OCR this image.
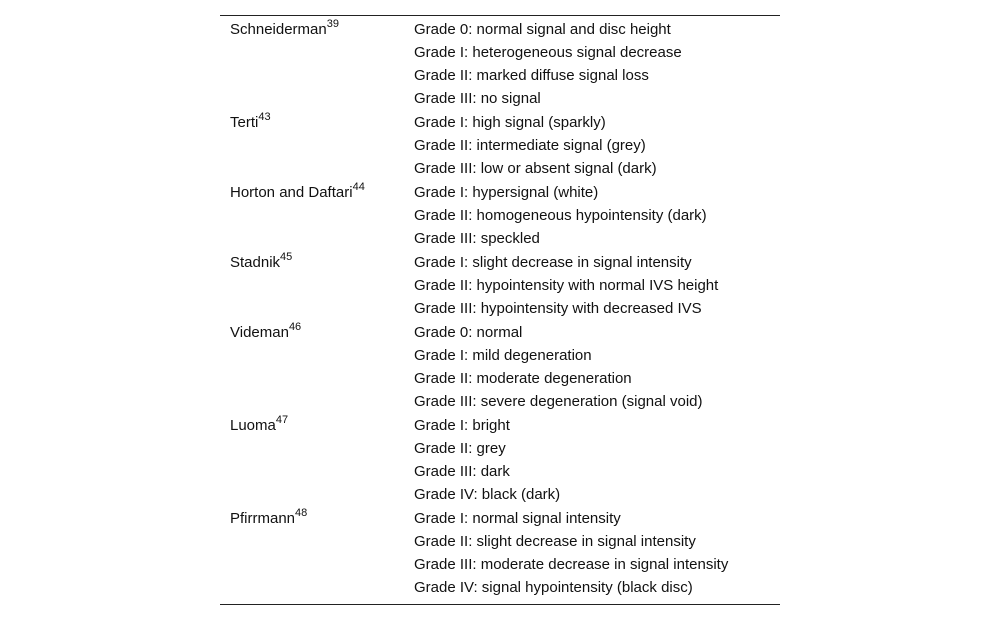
Schneiderman$^{39}$	Grade 0: normal signal and disc height
Grade I: heterogeneous signal decrease
Grade II: marked diffuse signal loss
Grade III: no signal
Terti$^{43}$	Grade I: high signal (sparkly)
Grade II: intermediate signal (grey)
Grade III: low or absent signal (dark)
Horton and Daftari$^{44}$	Grade I: hypersignal (white)
Grade II: homogeneous hypointensity (dark)
Grade III: speckled
Stadnik$^{45}$	Grade I: slight decrease in signal intensity
Grade II: hypointensity with normal IVS height
Grade III: hypointensity with decreased IVS
Videman$^{46}$	Grade 0: normal
Grade I: mild degeneration
Grade II: moderate degeneration
Grade III: severe degeneration (signal void)
Luoma$^{47}$	Grade I: bright
Grade II: grey
Grade III: dark
Grade IV: black (dark)
Pfirrmann$^{48}$	Grade I: normal signal intensity
Grade II: slight decrease in signal intensity
Grade III: moderate decrease in signal intensity
Grade IV: signal hypointensity (black disc)
